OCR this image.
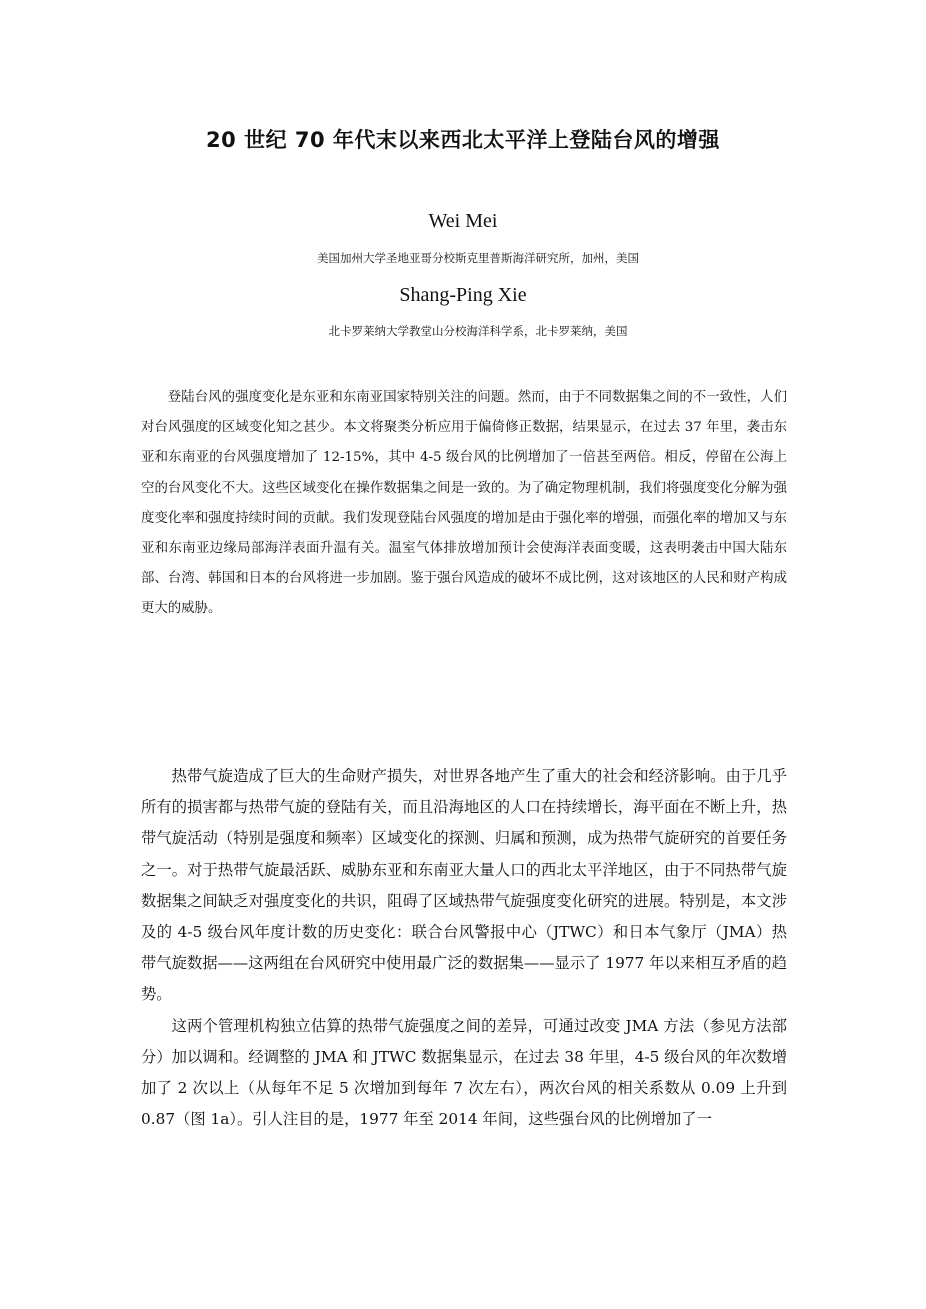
20 世纪 70 年代末以来西北太平洋上登陆台风的增强
Wei Mei
美国加州大学圣地亚哥分校斯克里普斯海洋研究所，加州，美国
Shang-Ping Xie
北卡罗莱纳大学教堂山分校海洋科学系，北卡罗莱纳，美国

登陆台风的强度变化是东亚和东南亚国家特别关注的问题。然而，由于不同数据集之间的不一致性，人们对台风强度的区域变化知之甚少。本文将聚类分析应用于偏倚修正数据，结果显示，在过去 37 年里，袭击东亚和东南亚的台风强度增加了 12-15%，其中 4-5 级台风的比例增加了一倍甚至两倍。相反，停留在公海上空的台风变化不大。这些区域变化在操作数据集之间是一致的。为了确定物理机制，我们将强度变化分解为强度变化率和强度持续时间的贡献。我们发现登陆台风强度的增加是由于强化率的增强，而强化率的增加又与东亚和东南亚边缘局部海洋表面升温有关。温室气体排放增加预计会使海洋表面变暖，这表明袭击中国大陆东部、台湾、韩国和日本的台风将进一步加剧。鉴于强台风造成的破坏不成比例，这对该地区的人民和财产构成更大的威胁。

热带气旋造成了巨大的生命财产损失，对世界各地产生了重大的社会和经济影响。由于几乎所有的损害都与热带气旋的登陆有关，而且沿海地区的人口在持续增长，海平面在不断上升，热带气旋活动（特别是强度和频率）区域变化的探测、归属和预测，成为热带气旋研究的首要任务之一。对于热带气旋最活跃、威胁东亚和东南亚大量人口的西北太平洋地区，由于不同热带气旋数据集之间缺乏对强度变化的共识，阻碍了区域热带气旋强度变化研究的进展。特别是，本文涉及的 4-5 级台风年度计数的历史变化：联合台风警报中心（JTWC）和日本气象厅（JMA）热带气旋数据——这两组在台风研究中使用最广泛的数据集——显示了 1977 年以来相互矛盾的趋势。

这两个管理机构独立估算的热带气旋强度之间的差异，可通过改变 JMA 方法（参见方法部分）加以调和。经调整的 JMA 和 JTWC 数据集显示，在过去 38 年里，4-5 级台风的年次数增加了 2 次以上（从每年不足 5 次增加到每年 7 次左右），两次台风的相关系数从 0.09 上升到 0.87（图 1a）。引人注目的是，1977 年至 2014 年间，这些强台风的比例增加了一
